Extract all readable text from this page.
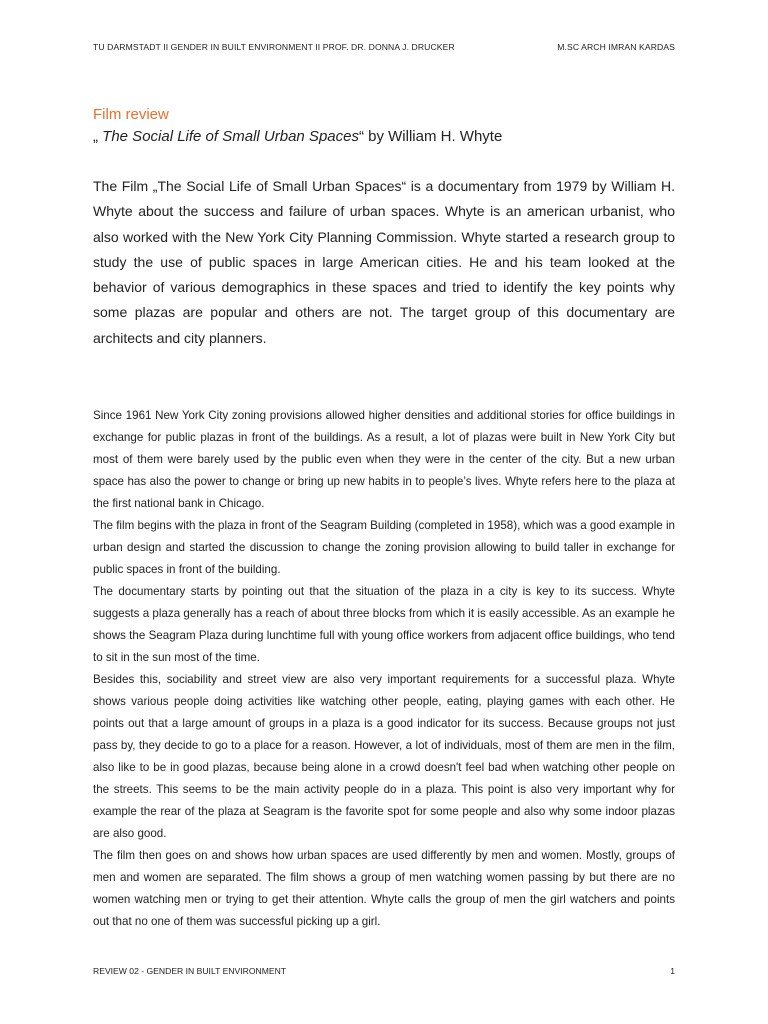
TU DARMSTADT II GENDER IN BUILT ENVIRONMENT II PROF. DR. DONNA J. DRUCKER	M.SC ARCH IMRAN KARDAS

Film review

„ The Social Life of Small Urban Spaces“ by William H. Whyte

The Film „The Social Life of Small Urban Spaces“ is a documentary from 1979 by William H. Whyte about the success and failure of urban spaces. Whyte is an american urbanist, who also worked with the New York City Planning Commission. Whyte started a research group to study the use of public spaces in large American cities. He and his team looked at the behavior of various demographics in these spaces and tried to identify the key points why some plazas are popular and others are not. The target group of this documentary are architects and city planners.

Since 1961 New York City zoning provisions allowed higher densities and additional stories for office buildings in exchange for public plazas in front of the buildings. As a result, a lot of plazas were built in New York City but most of them were barely used by the public even when they were in the center of the city. But a new urban space has also the power to change or bring up new habits in to people’s lives. Whyte refers here to the plaza at the first national bank in Chicago.

The film begins with the plaza in front of the Seagram Building (completed in 1958), which was a good example in urban design and started the discussion to change the zoning provision allowing to build taller in exchange for public spaces in front of the building.

The documentary starts by pointing out that the situation of the plaza in a city is key to its success. Whyte suggests a plaza generally has a reach of about three blocks from which it is easily accessible. As an example he shows the Seagram Plaza during lunchtime full with young office workers from adjacent office buildings, who tend to sit in the sun most of the time.

Besides this, sociability and street view are also very important requirements for a successful plaza. Whyte shows various people doing activities like watching other people, eating, playing games with each other. He points out that a large amount of groups in a plaza is a good indicator for its success. Because groups not just pass by, they decide to go to a place for a reason. However, a lot of individuals, most of them are men in the film, also like to be in good plazas, because being alone in a crowd doesn't feel bad when watching other people on the streets. This seems to be the main activity people do in a plaza. This point is also very important why for example the rear of the plaza at Seagram is the favorite spot for some people and also why some indoor plazas are also good.

The film then goes on and shows how urban spaces are used differently by men and women. Mostly, groups of men and women are separated. The film shows a group of men watching women passing by but there are no women watching men or trying to get their attention. Whyte calls the group of men the girl watchers and points out that no one of them was successful picking up a girl.

REVIEW 02 - GENDER IN BUILT ENVIRONMENT	1
